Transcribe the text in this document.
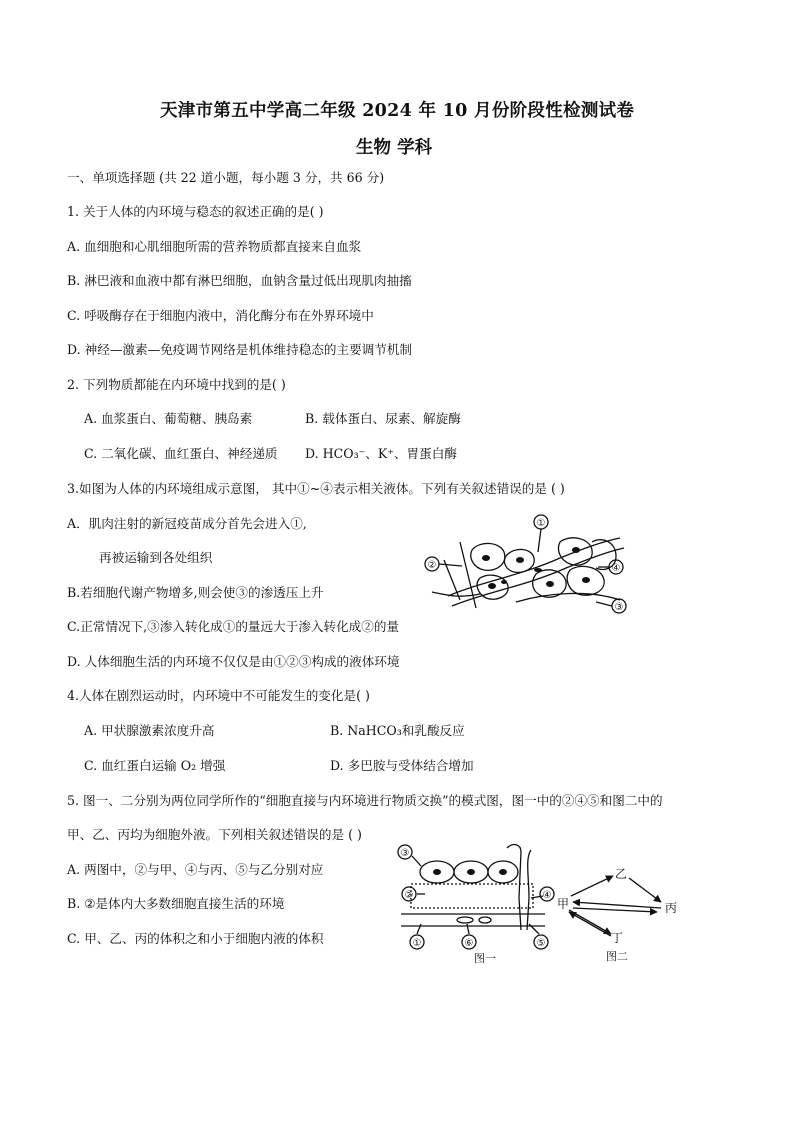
天津市第五中学高二年级 2024 年 10 月份阶段性检测试卷
生物 学科
一、单项选择题 (共 22 道小题，每小题 3 分，共 66 分)
1. 关于人体的内环境与稳态的叙述正确的是( )
A. 血细胞和心肌细胞所需的营养物质都直接来自血浆
B. 淋巴液和血液中都有淋巴细胞，血钠含量过低出现肌肉抽搐
C. 呼吸酶存在于细胞内液中，消化酶分布在外界环境中
D. 神经—激素—免疫调节网络是机体维持稳态的主要调节机制
2. 下列物质都能在内环境中找到的是( )
A. 血浆蛋白、葡萄糖、胰岛素	B. 载体蛋白、尿素、解旋酶
C. 二氧化碳、血红蛋白、神经递质 D. HCO₃⁻、K⁺、胃蛋白酶
3.如图为人体的内环境组成示意图， 其中①~④表示相关液体。下列有关叙述错误的是 ( )
A．肌肉注射的新冠疫苗成分首先会进入①,
再被运输到各处组织
B.若细胞代谢产物增多,则会使③的渗透压上升
C.正常情况下,③渗入转化成①的量远大于渗入转化成②的量
D. 人体细胞生活的内环境不仅仅是由①②③构成的液体环境
①
②
③
④
4.人体在剧烈运动时，内环境中不可能发生的变化是( )
A. 甲状腺激素浓度升高	B. NaHCO₃和乳酸反应
C. 血红蛋白运输 O₂ 增强	D. 多巴胺与受体结合增加
5. 图一、二分别为两位同学所作的“细胞直接与内环境进行物质交换”的模式图，图一中的②④⑤和图二中的
甲、乙、丙均为细胞外液。下列相关叙述错误的是 ( )
A. 两图中，②与甲、④与丙、⑤与乙分别对应
B. ②是体内大多数细胞直接生活的环境
C. 甲、乙、丙的体积之和小于细胞内液的体积
③
②	④
①	⑥	⑤
图一
甲
乙
丙
丁
图二
